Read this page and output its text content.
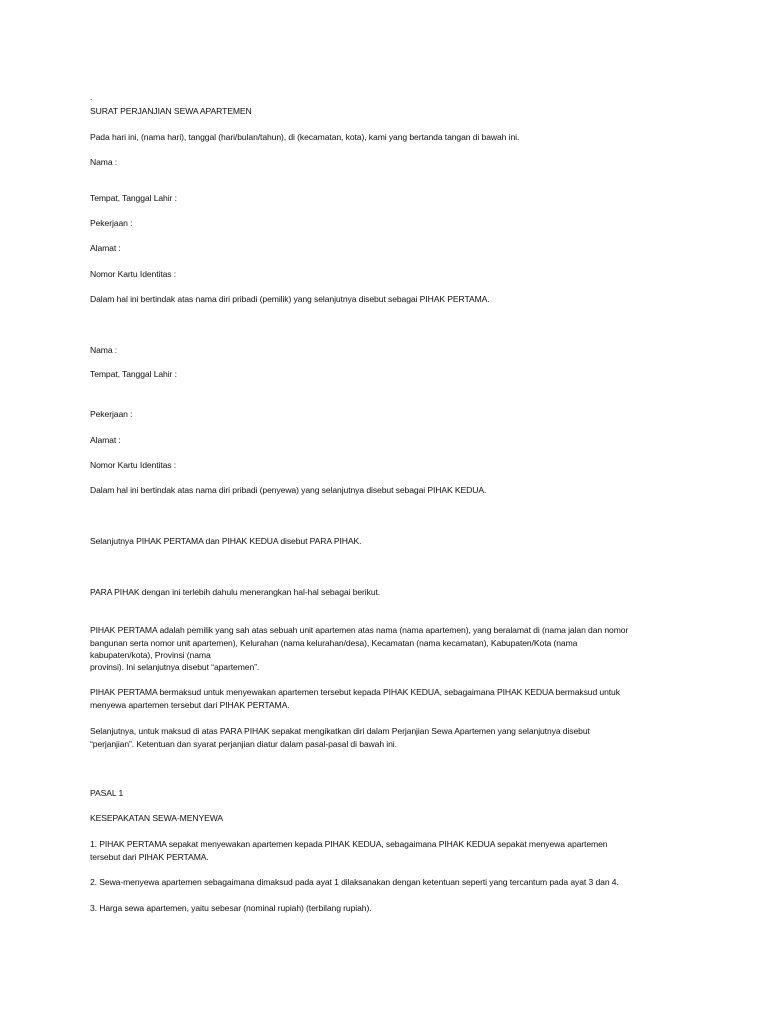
.
SURAT PERJANJIAN SEWA APARTEMEN
Pada hari ini, (nama hari), tanggal (hari/bulan/tahun), di (kecamatan, kota), kami yang bertanda tangan di bawah ini.
Nama :
Tempat, Tanggal Lahir :
Pekerjaan :
Alamat :
Nomor Kartu Identitas :
Dalam hal ini bertindak atas nama diri pribadi (pemilik) yang selanjutnya disebut sebagai PIHAK PERTAMA.
Nama :
Tempat, Tanggal Lahir :
Pekerjaan :
Alamat :
Nomor Kartu Identitas :
Dalam hal ini bertindak atas nama diri pribadi (penyewa) yang selanjutnya disebut sebagai PIHAK KEDUA.
Selanjutnya PIHAK PERTAMA dan PIHAK KEDUA disebut PARA PIHAK.
PARA PIHAK dengan ini terlebih dahulu menerangkan hal-hal sebagai berikut.
PIHAK PERTAMA adalah pemilik yang sah atas sebuah unit apartemen atas nama (nama apartemen), yang beralamat di (nama jalan dan nomor
bangunan serta nomor unit apartemen), Kelurahan (nama kelurahan/desa), Kecamatan (nama kecamatan), Kabupaten/Kota (nama
kabupaten/kota), Provinsi (nama
provinsi). Ini selanjutnya disebut “apartemen”.
PIHAK PERTAMA bermaksud untuk menyewakan apartemen tersebut kepada PIHAK KEDUA, sebagaimana PIHAK KEDUA bermaksud untuk
menyewa apartemen tersebut dari PIHAK PERTAMA.
Selanjutnya, untuk maksud di atas PARA PIHAK sepakat mengikatkan diri dalam Perjanjian Sewa Apartemen yang selanjutnya disebut
“perjanjian”. Ketentuan dan syarat perjanjian diatur dalam pasal-pasal di bawah ini.
PASAL 1
KESEPAKATAN SEWA-MENYEWA
1. PIHAK PERTAMA sepakat menyewakan apartemen kepada PIHAK KEDUA, sebagaimana PIHAK KEDUA sepakat menyewa apartemen
tersebut dari PIHAK PERTAMA.
2. Sewa-menyewa apartemen sebagaimana dimaksud pada ayat 1 dilaksanakan dengan ketentuan seperti yang tercantum pada ayat 3 dan 4.
3. Harga sewa apartemen, yaitu sebesar (nominal rupiah) (terbilang rupiah).
